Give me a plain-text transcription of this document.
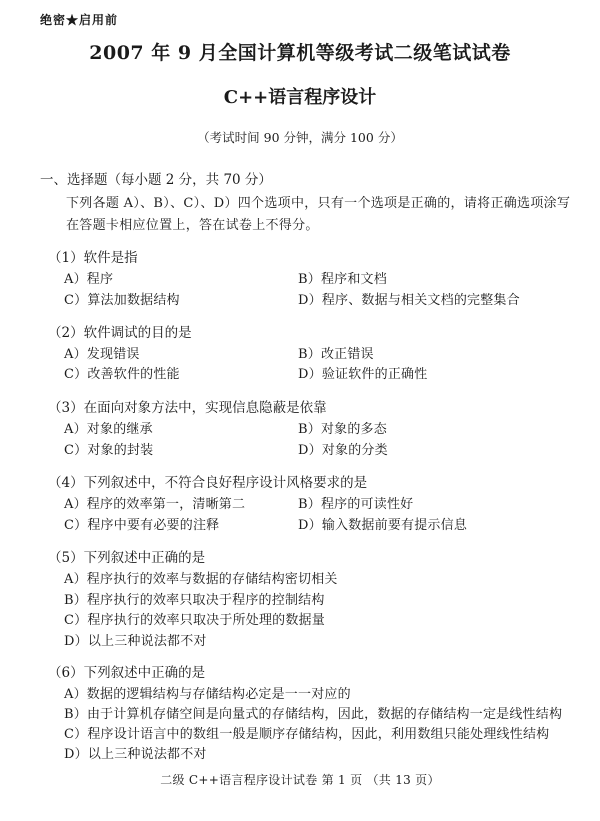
绝密★启用前
2007 年 9 月全国计算机等级考试二级笔试试卷
C++语言程序设计
（考试时间 90 分钟，满分 100 分）
一、选择题（每小题 2 分，共 70 分）
下列各题 A）、B）、C）、D）四个选项中，只有一个选项是正确的，请将正确选项涂写
在答题卡相应位置上，答在试卷上不得分。
（1）软件是指
A）程序	B）程序和文档
C）算法加数据结构	D）程序、数据与相关文档的完整集合
（2）软件调试的目的是
A）发现错误	B）改正错误
C）改善软件的性能	D）验证软件的正确性
（3）在面向对象方法中，实现信息隐蔽是依靠
A）对象的继承	B）对象的多态
C）对象的封装	D）对象的分类
（4）下列叙述中，不符合良好程序设计风格要求的是
A）程序的效率第一，清晰第二	B）程序的可读性好
C）程序中要有必要的注释	D）输入数据前要有提示信息
（5）下列叙述中正确的是
A）程序执行的效率与数据的存储结构密切相关
B）程序执行的效率只取决于程序的控制结构
C）程序执行的效率只取决于所处理的数据量
D）以上三种说法都不对
（6）下列叙述中正确的是
A）数据的逻辑结构与存储结构必定是一一对应的
B）由于计算机存储空间是向量式的存储结构，因此，数据的存储结构一定是线性结构
C）程序设计语言中的数组一般是顺序存储结构，因此，利用数组只能处理线性结构
D）以上三种说法都不对
二级 C++语言程序设计试卷 第 1 页 （共 13 页）
